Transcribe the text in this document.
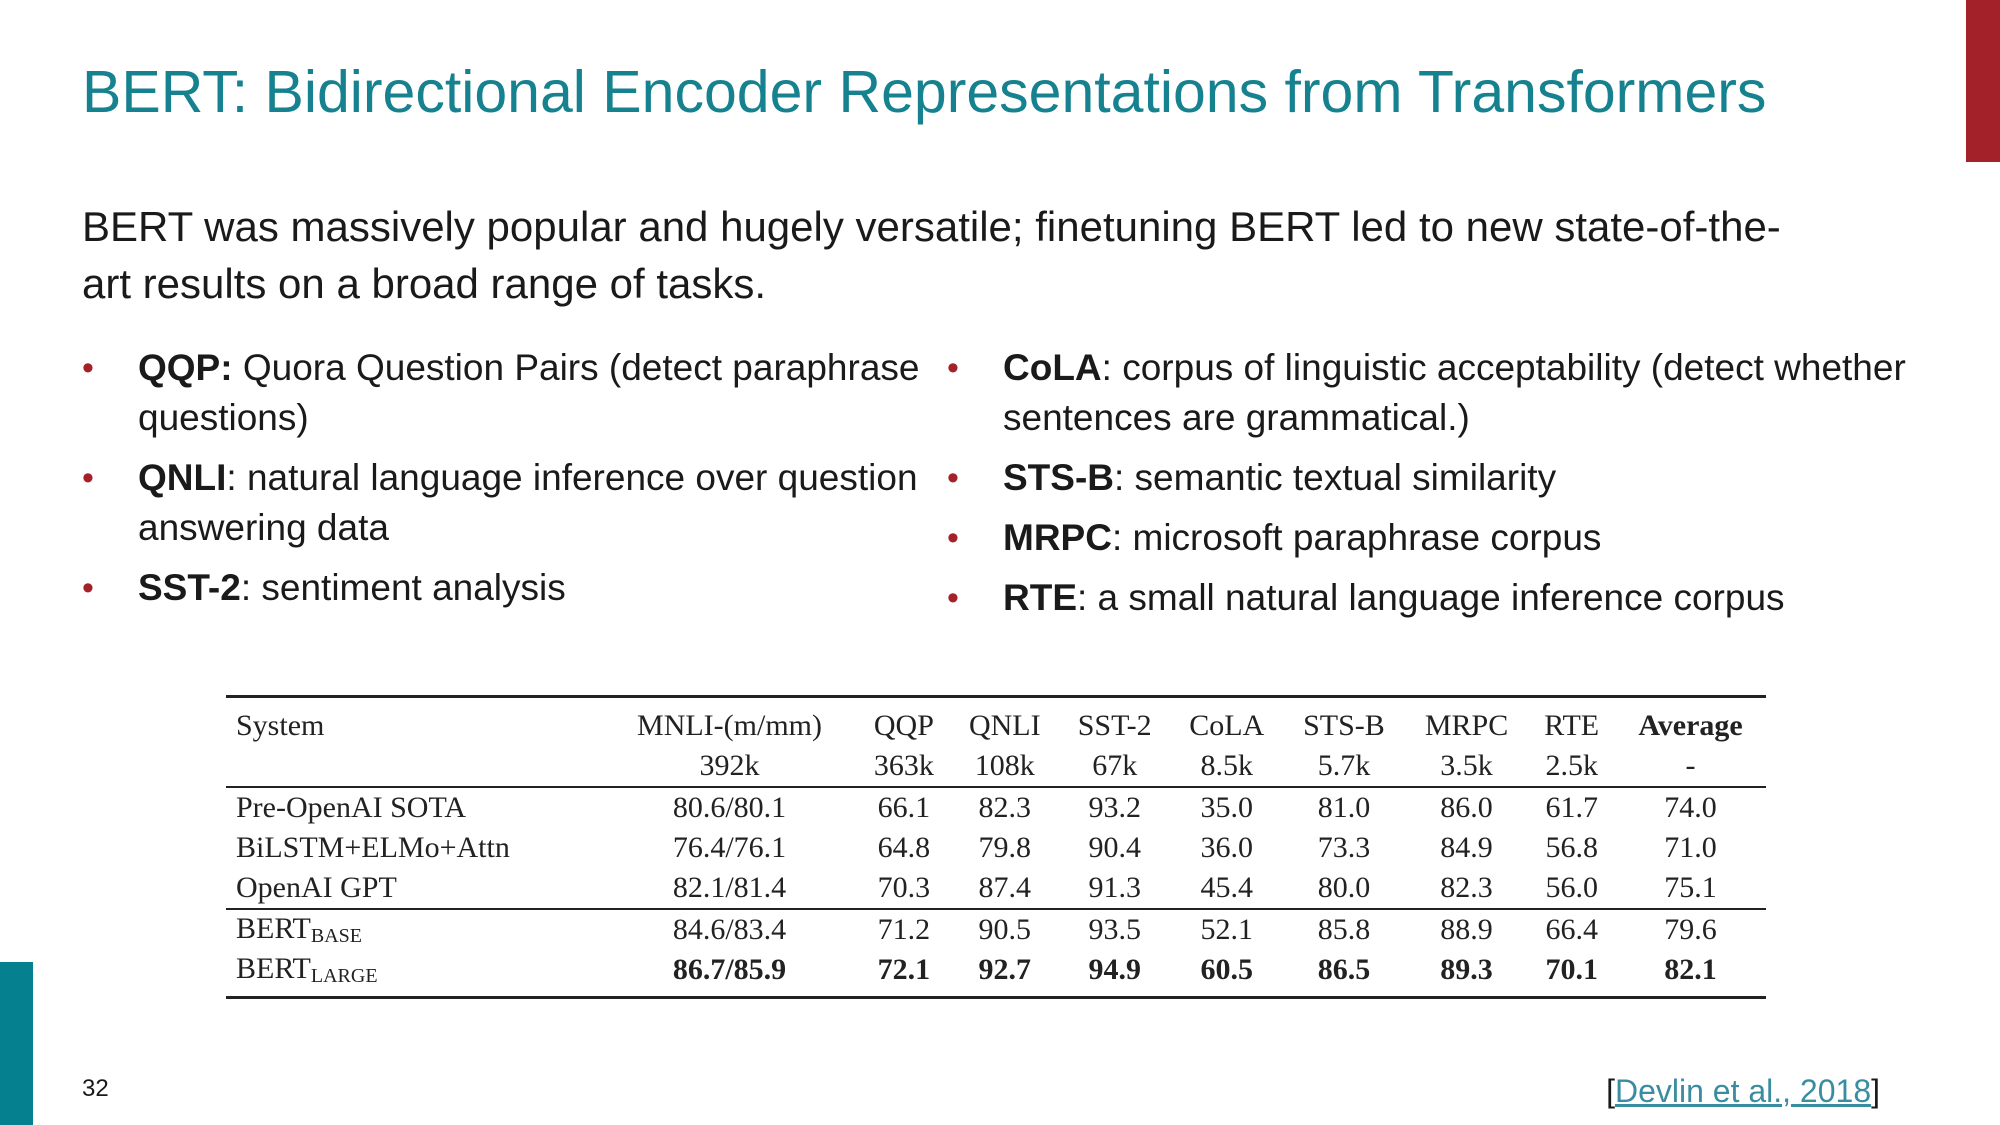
BERT: Bidirectional Encoder Representations from Transformers
BERT was massively popular and hugely versatile; finetuning BERT led to new state-of-the-art results on a broad range of tasks.
• QQP: Quora Question Pairs (detect paraphrase questions)
• QNLI: natural language inference over question answering data
• SST-2: sentiment analysis
• CoLA: corpus of linguistic acceptability (detect whether sentences are grammatical.)
• STS-B: semantic textual similarity
• MRPC: microsoft paraphrase corpus
• RTE: a small natural language inference corpus
System	MNLI-(m/mm)	QQP	QNLI	SST-2	CoLA	STS-B	MRPC	RTE	Average
	392k	363k	108k	67k	8.5k	5.7k	3.5k	2.5k	-
Pre-OpenAI SOTA	80.6/80.1	66.1	82.3	93.2	35.0	81.0	86.0	61.7	74.0
BiLSTM+ELMo+Attn	76.4/76.1	64.8	79.8	90.4	36.0	73.3	84.9	56.8	71.0
OpenAI GPT	82.1/81.4	70.3	87.4	91.3	45.4	80.0	82.3	56.0	75.1
$BERT_{BASE}$	84.6/83.4	71.2	90.5	93.5	52.1	85.8	88.9	66.4	79.6
$BERT_{LARGE}$	86.7/85.9	72.1	92.7	94.9	60.5	86.5	89.3	70.1	82.1
32	[Devlin et al., 2018]
